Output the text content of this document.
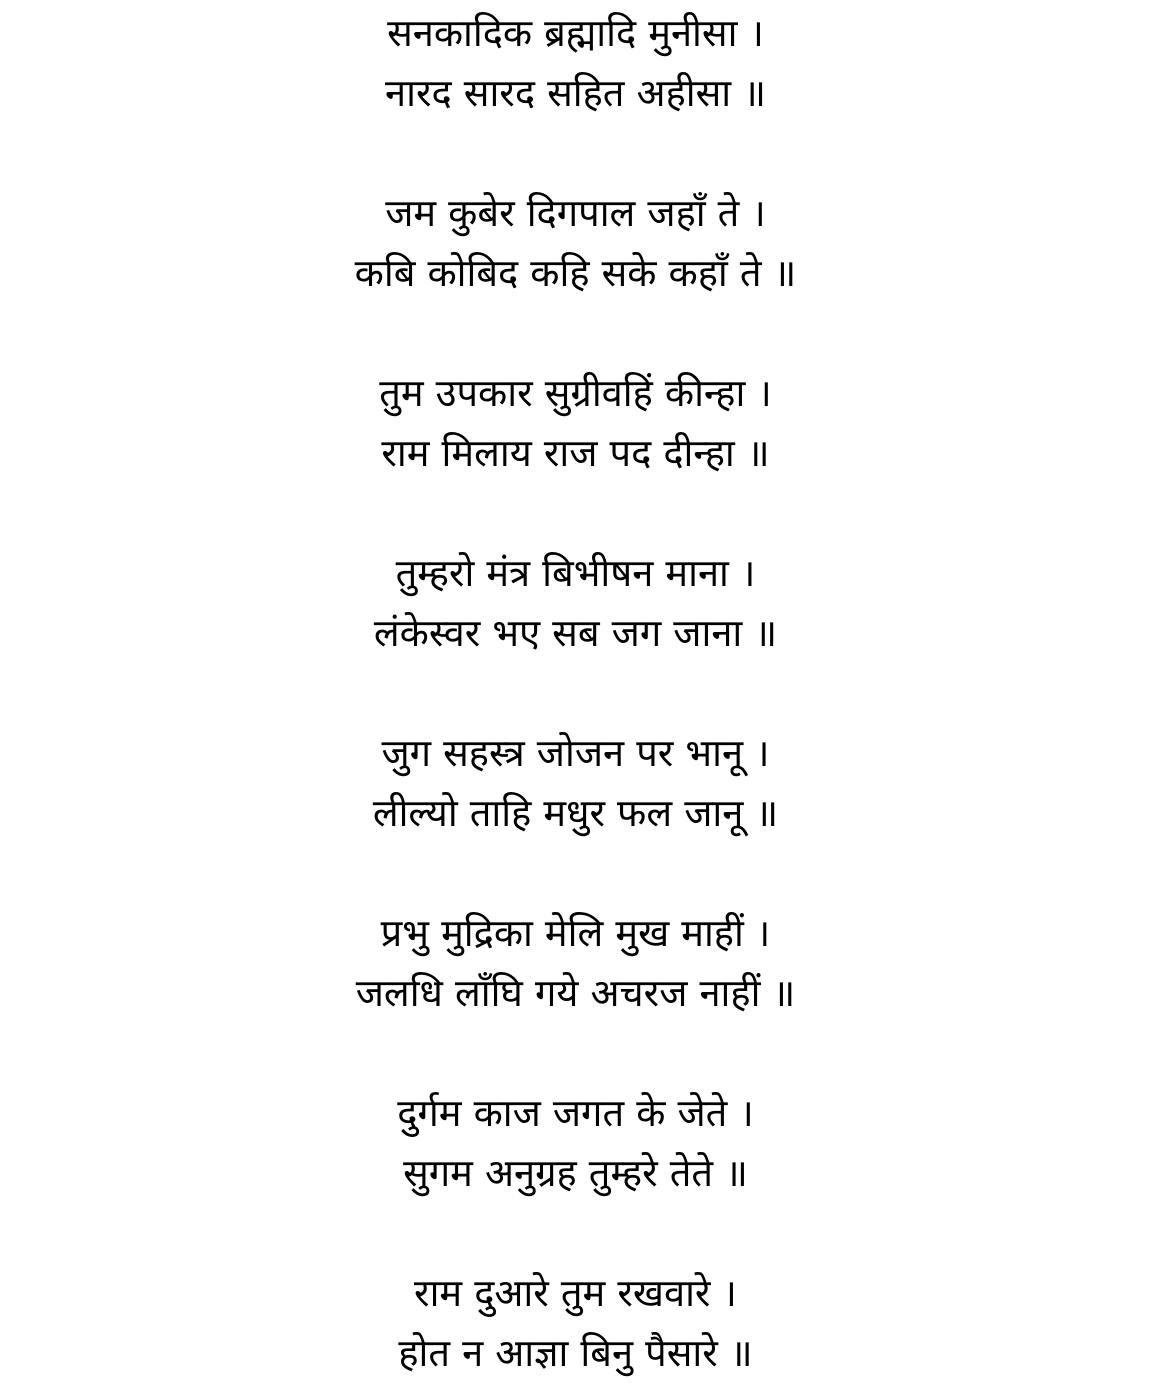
सनकादिक ब्रह्मादि मुनीसा ।
नारद सारद सहित अहीसा ॥
जम कुबेर दिगपाल जहाँ ते ।
कबि कोबिद कहि सके कहाँ ते ॥
तुम उपकार सुग्रीवहिं कीन्हा ।
राम मिलाय राज पद दीन्हा ॥
तुम्हरो मंत्र बिभीषन माना ।
लंकेस्वर भए सब जग जाना ॥
जुग सहस्त्र जोजन पर भानू ।
लील्यो ताहि मधुर फल जानू ॥
प्रभु मुद्रिका मेलि मुख माहीं ।
जलधि लाँघि गये अचरज नाहीं ॥
दुर्गम काज जगत के जेते ।
सुगम अनुग्रह तुम्हरे तेते ॥
राम दुआरे तुम रखवारे ।
होत न आज्ञा बिनु पैसारे ॥
